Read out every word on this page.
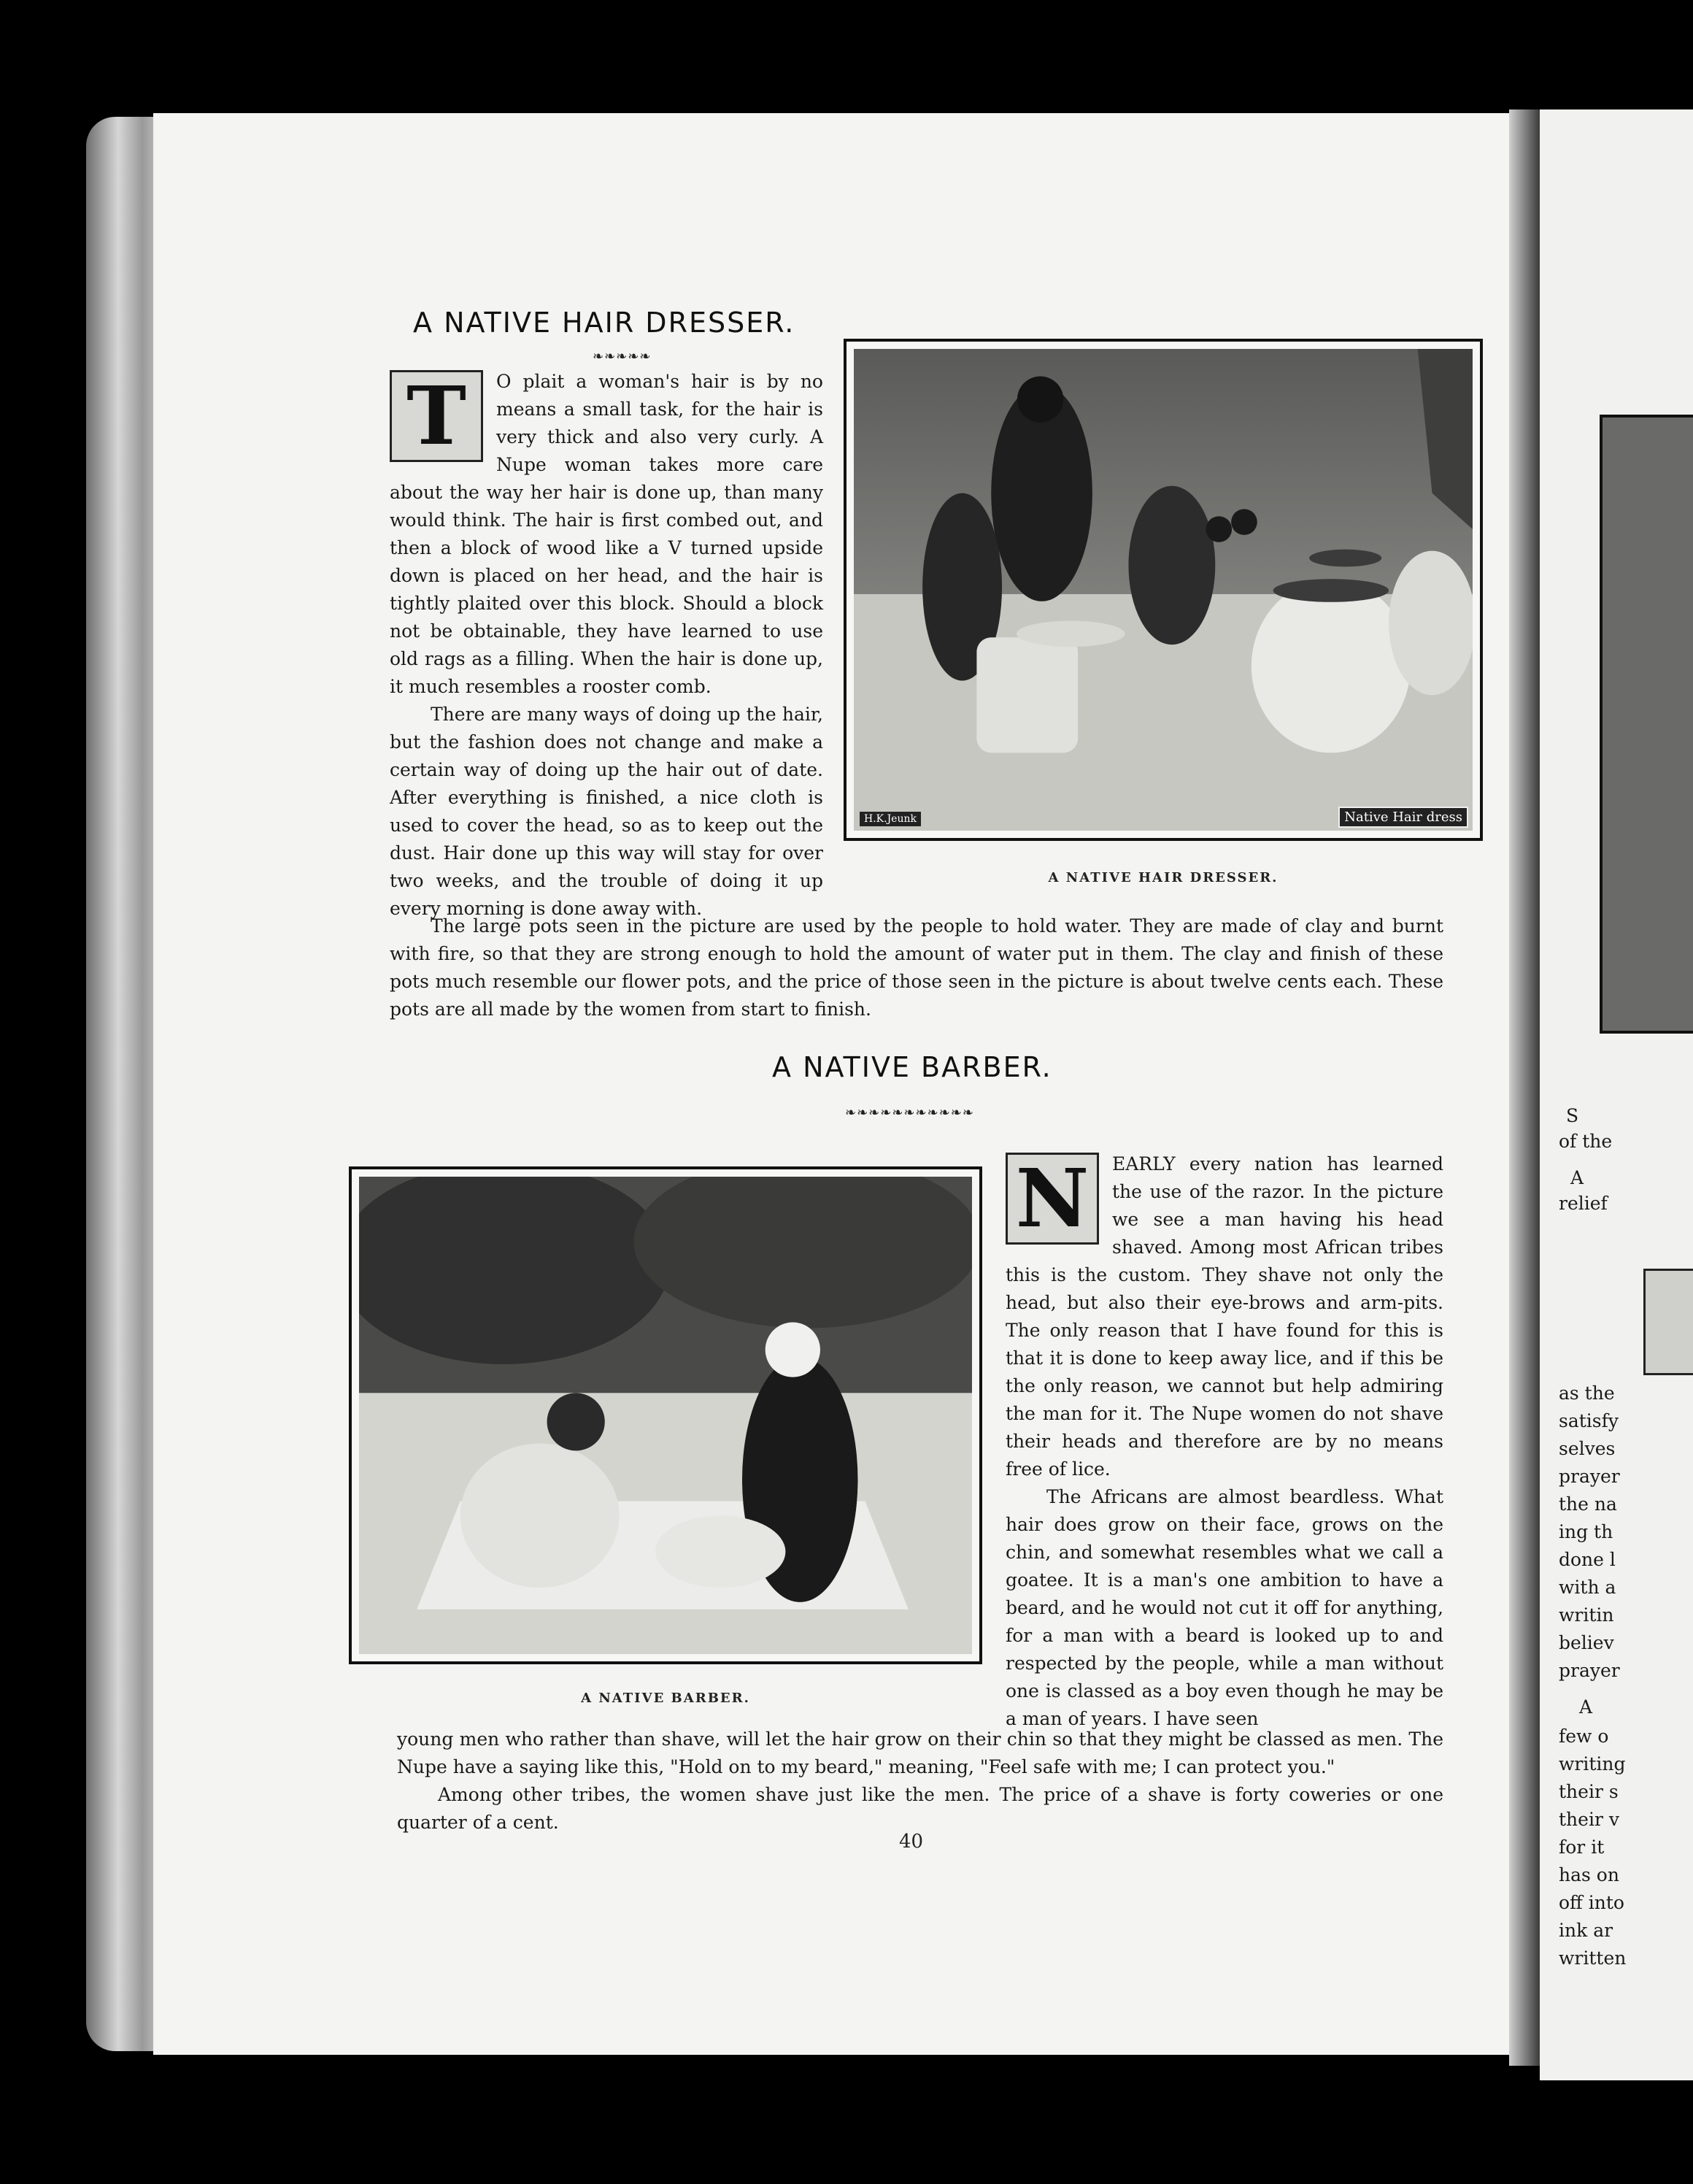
A NATIVE HAIR DRESSER.
❧❧❧❧❧
T	O plait a woman's hair is by no means a small task, for the hair is very thick and also very curly. A Nupe woman takes more care about the way her hair is done up, than many would think. The hair is first combed out, and then a block of wood like a V turned upside down is placed on her head, and the hair is tightly plaited over this block. Should a block not be obtainable, they have learned to use old rags as a filling. When the hair is done up, it much resembles a rooster comb.

There are many ways of doing up the hair, but the fashion does not change and make a certain way of doing up the hair out of date. After everything is finished, a nice cloth is used to cover the head, so as to keep out the dust. Hair done up this way will stay for over two weeks, and the trouble of doing it up every morning is done away with.

H.K.Jeunk	Native Hair dress
A NATIVE HAIR DRESSER.

The large pots seen in the picture are used by the people to hold water. They are made of clay and burnt with fire, so that they are strong enough to hold the amount of water put in them. The clay and finish of these pots much resemble our flower pots, and the price of those seen in the picture is about twelve cents each. These pots are all made by the women from start to finish.

A NATIVE BARBER.
❧❧❧❧❧❧❧❧❧❧❧
A NATIVE BARBER.
N	EARLY every nation has learned the use of the razor. In the picture we see a man having his head shaved. Among most African tribes this is the custom. They shave not only the head, but also their eye-brows and arm-pits. The only reason that I have found for this is that it is done to keep away lice, and if this be the only reason, we cannot but help admiring the man for it. The Nupe women do not shave their heads and therefore are by no means free of lice.

The Africans are almost beardless. What hair does grow on their face, grows on the chin, and somewhat resembles what we call a goatee. It is a man's one ambition to have a beard, and he would not cut it off for anything, for a man with a beard is looked up to and respected by the people, while a man without one is classed as a boy even though he may be a man of years. I have seen

young men who rather than shave, will let the hair grow on their chin so that they might be classed as men. The Nupe have a saying like this, "Hold on to my beard," meaning, "Feel safe with me; I can protect you."

Among other tribes, the women shave just like the men. The price of a shave is forty coweries or one quarter of a cent.

40
S
of the
A
relief
as the
satisfy
selves
prayer
the na
ing th
done l
with a
writin
believ
prayer
A
few o
writing
their s
their v
for it
has on
off into
ink ar
written
